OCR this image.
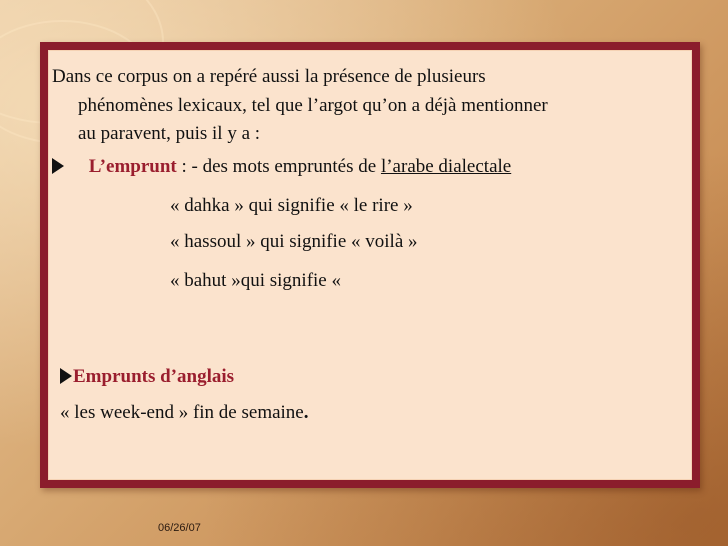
Dans ce corpus on a repéré aussi la présence de plusieurs
phénomènes lexicaux, tel que l’argot qu’on a déjà mentionner
au paravent, puis il y a :
L’emprunt : - des mots empruntés de l’arabe dialectale
« dahka » qui signifie « le rire »
« hassoul » qui signifie « voilà »
« bahut »qui signifie «
Emprunts d’anglais
« les week-end » fin de semaine.
06/26/07
